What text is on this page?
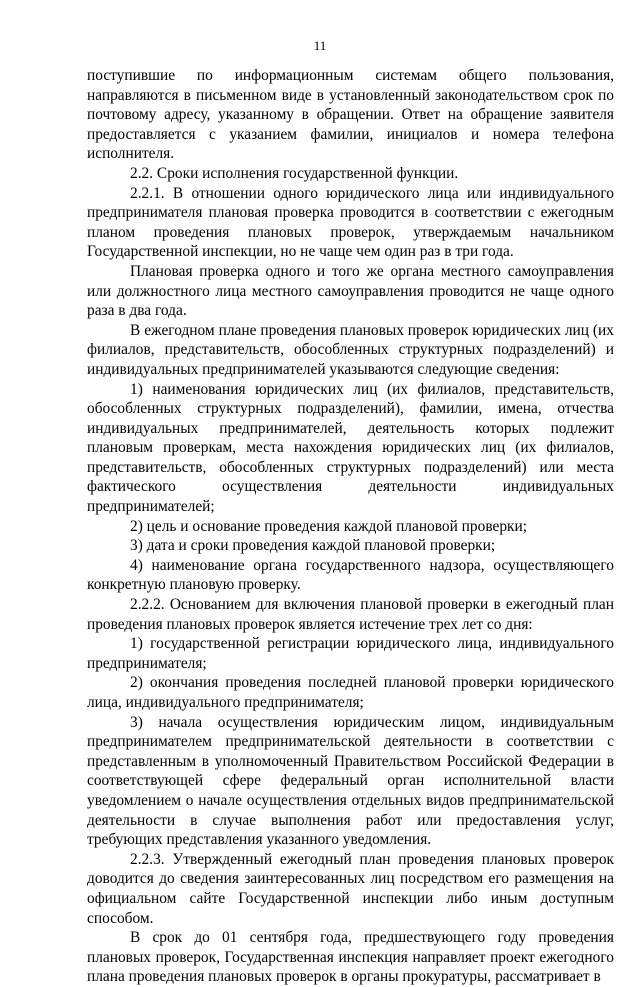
11

поступившие по информационным системам общего пользования, направляются в письменном виде в установленный законодательством срок по почтовому адресу, указанному в обращении. Ответ на обращение заявителя предоставляется с указанием фамилии, инициалов и номера телефона исполнителя.

2.2. Сроки исполнения государственной функции.

2.2.1. В отношении одного юридического лица или индивидуального предпринимателя плановая проверка проводится в соответствии с ежегодным планом проведения плановых проверок, утверждаемым начальником Государственной инспекции, но не чаще чем один раз в три года.

Плановая проверка одного и того же органа местного самоуправления или должностного лица местного самоуправления проводится не чаще одного раза в два года.

В ежегодном плане проведения плановых проверок юридических лиц (их филиалов, представительств, обособленных структурных подразделений) и индивидуальных предпринимателей указываются следующие сведения:

1) наименования юридических лиц (их филиалов, представительств, обособленных структурных подразделений), фамилии, имена, отчества индивидуальных предпринимателей, деятельность которых подлежит плановым проверкам, места нахождения юридических лиц (их филиалов, представительств, обособленных структурных подразделений) или места фактического осуществления деятельности индивидуальных предпринимателей;

2) цель и основание проведения каждой плановой проверки;

3) дата и сроки проведения каждой плановой проверки;

4) наименование органа государственного надзора, осуществляющего конкретную плановую проверку.

2.2.2. Основанием для включения плановой проверки в ежегодный план проведения плановых проверок является истечение трех лет со дня:

1) государственной регистрации юридического лица, индивидуального предпринимателя;

2) окончания проведения последней плановой проверки юридического лица, индивидуального предпринимателя;

3) начала осуществления юридическим лицом, индивидуальным предпринимателем предпринимательской деятельности в соответствии с представленным в уполномоченный Правительством Российской Федерации в соответствующей сфере федеральный орган исполнительной власти уведомлением о начале осуществления отдельных видов предпринимательской деятельности в случае выполнения работ или предоставления услуг, требующих представления указанного уведомления.

2.2.3. Утвержденный ежегодный план проведения плановых проверок доводится до сведения заинтересованных лиц посредством его размещения на официальном сайте Государственной инспекции либо иным доступным способом.

В срок до 01 сентября года, предшествующего году проведения плановых проверок, Государственная инспекция направляет проект ежегодного плана проведения плановых проверок в органы прокуратуры, рассматривает в
